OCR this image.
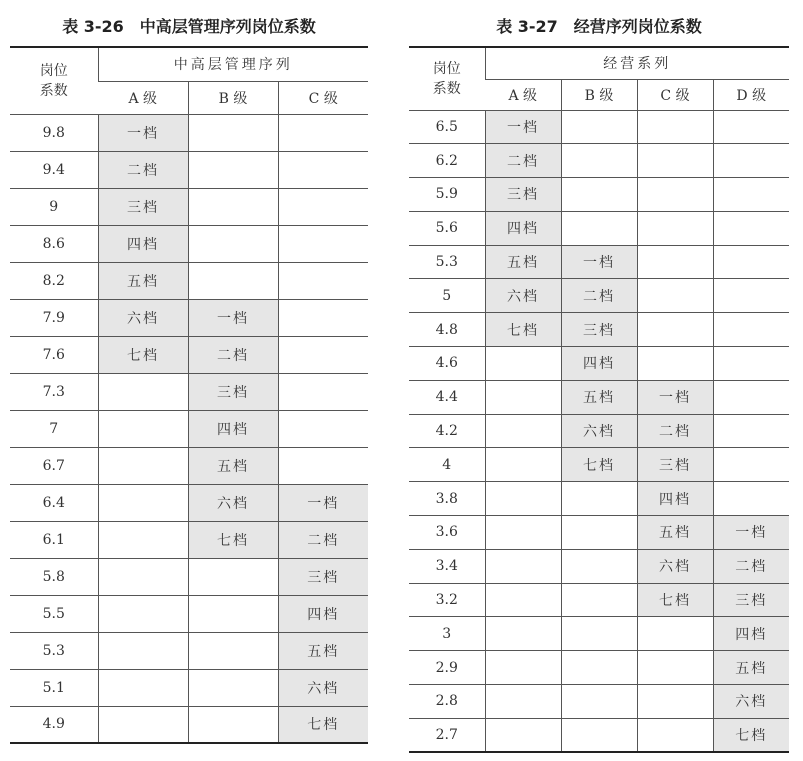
表 3-26　中高层管理序列岗位系数
岗位
系数	中高层管理序列		
	A 级	B 级	C 级
9.8	一档		
9.4	二档		
9	三档		
8.6	四档		
8.2	五档		
7.9	六档	一档	
7.6	七档	二档	
7.3		三档	
7		四档	
6.7		五档	
6.4		六档	一档
6.1		七档	二档
5.8			三档
5.5			四档
5.3			五档
5.1			六档
4.9			七档
表 3-27　经营序列岗位系数
岗位
系数	经营系列			
	A 级	B 级	C 级	D 级
6.5	一档			
6.2	二档			
5.9	三档			
5.6	四档			
5.3	五档	一档		
5	六档	二档		
4.8	七档	三档		
4.6		四档		
4.4		五档	一档	
4.2		六档	二档	
4		七档	三档	
3.8			四档	
3.6			五档	一档
3.4			六档	二档
3.2			七档	三档
3				四档
2.9				五档
2.8				六档
2.7				七档
